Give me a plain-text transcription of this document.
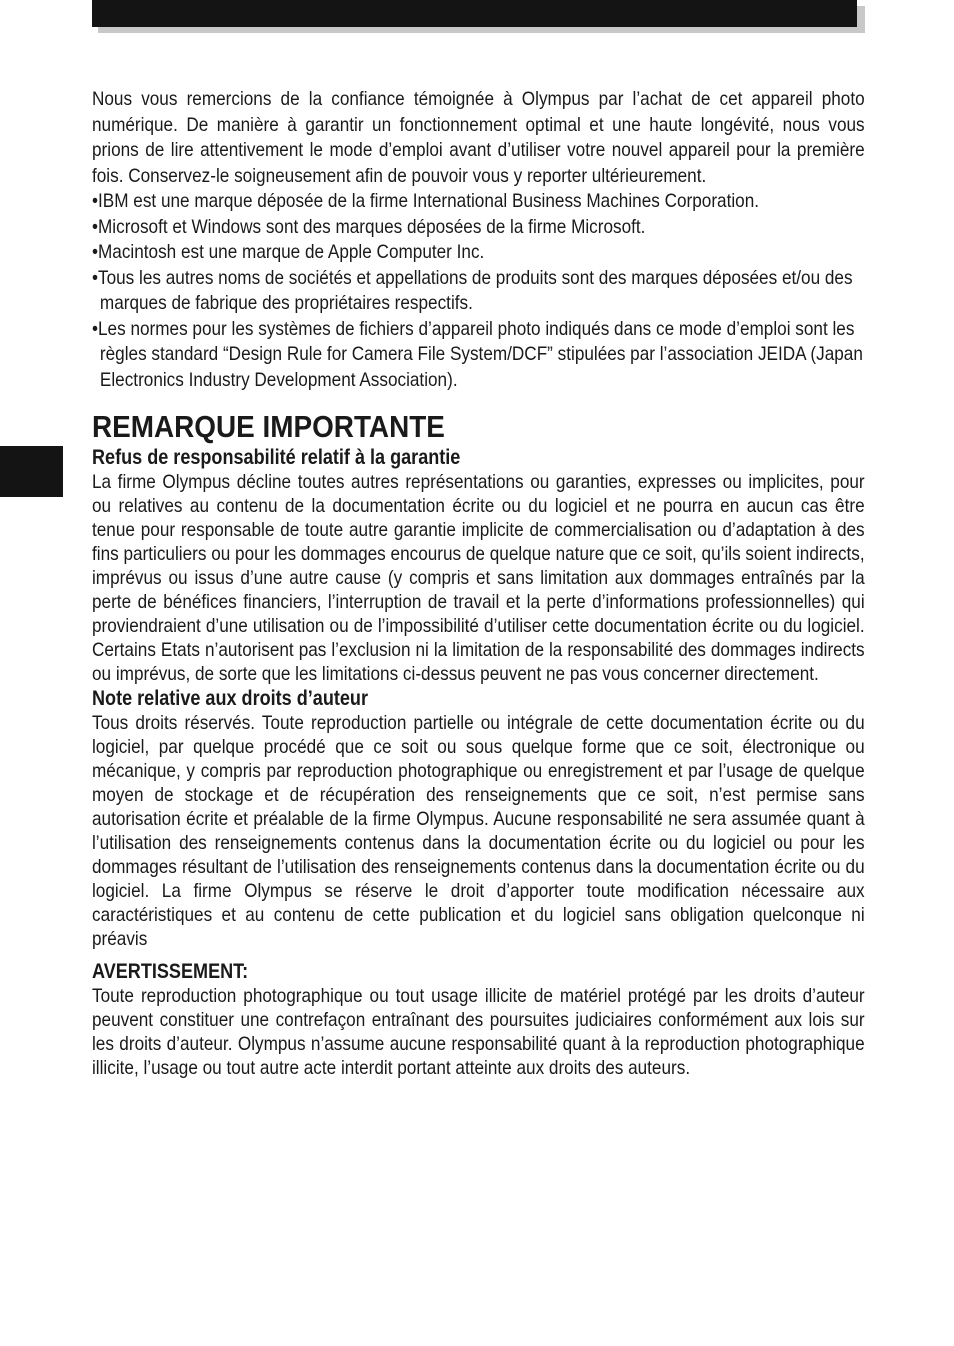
Nous vous remercions de la confiance témoignée à Olympus par l’achat de cet appareil photo numérique. De manière à garantir un fonctionnement optimal et une haute longévité, nous vous prions de lire attentivement le mode d’emploi avant d’utiliser votre nouvel appareil pour la première fois. Conservez-le soigneusement afin de pouvoir vous y reporter ultérieurement.

•IBM est une marque déposée de la firme International Business Machines Corporation.
•Microsoft et Windows sont des marques déposées de la firme Microsoft.
•Macintosh est une marque de Apple Computer Inc.
•Tous les autres noms de sociétés et appellations de produits sont des marques déposées et/ou des marques de fabrique des propriétaires respectifs.
•Les normes pour les systèmes de fichiers d’appareil photo indiqués dans ce mode d’emploi sont les règles standard “Design Rule for Camera File System/DCF” stipulées par l’association JEIDA (Japan Electronics Industry Development Association).
REMARQUE IMPORTANTE
Refus de responsabilité relatif à la garantie

La firme Olympus décline toutes autres représentations ou garanties, expresses ou implicites, pour ou relatives au contenu de la documentation écrite ou du logiciel et ne pourra en aucun cas être tenue pour responsable de toute autre garantie implicite de commercialisation ou d’adaptation à des fins particuliers ou pour les dommages encourus de quelque nature que ce soit, qu’ils soient indirects, imprévus ou issus d’une autre cause (y compris et sans limitation aux dommages entraînés par la perte de bénéfices financiers, l’interruption de travail et la perte d’informations professionnelles) qui proviendraient d’une utilisation ou de l’impossibilité d’utiliser cette documentation écrite ou du logiciel. Certains Etats n’autorisent pas l’exclusion ni la limitation de la responsabilité des dommages indirects ou imprévus, de sorte que les limitations ci-dessus peuvent ne pas vous concerner directement.

Note relative aux droits d’auteur

Tous droits réservés. Toute reproduction partielle ou intégrale de cette documentation écrite ou du logiciel, par quelque procédé que ce soit ou sous quelque forme que ce soit, électronique ou mécanique, y compris par reproduction photographique ou enregistrement et par l’usage de quelque moyen de stockage et de récupération des renseignements que ce soit, n’est permise sans autorisation écrite et préalable de la firme Olympus. Aucune responsabilité ne sera assumée quant à l’utilisation des renseignements contenus dans la documentation écrite ou du logiciel ou pour les dommages résultant de l’utilisation des renseignements contenus dans la documentation écrite ou du logiciel. La firme Olympus se réserve le droit d’apporter toute modification nécessaire aux caractéristiques et au contenu de cette publication et du logiciel sans obligation quelconque ni préavis

AVERTISSEMENT:

Toute reproduction photographique ou tout usage illicite de matériel protégé par les droits d’auteur peuvent constituer une contrefaçon entraînant des poursuites judiciaires conformément aux lois sur les droits d’auteur. Olympus n’assume aucune responsabilité quant à la reproduction photographique illicite, l’usage ou tout autre acte interdit portant atteinte aux droits des auteurs.
